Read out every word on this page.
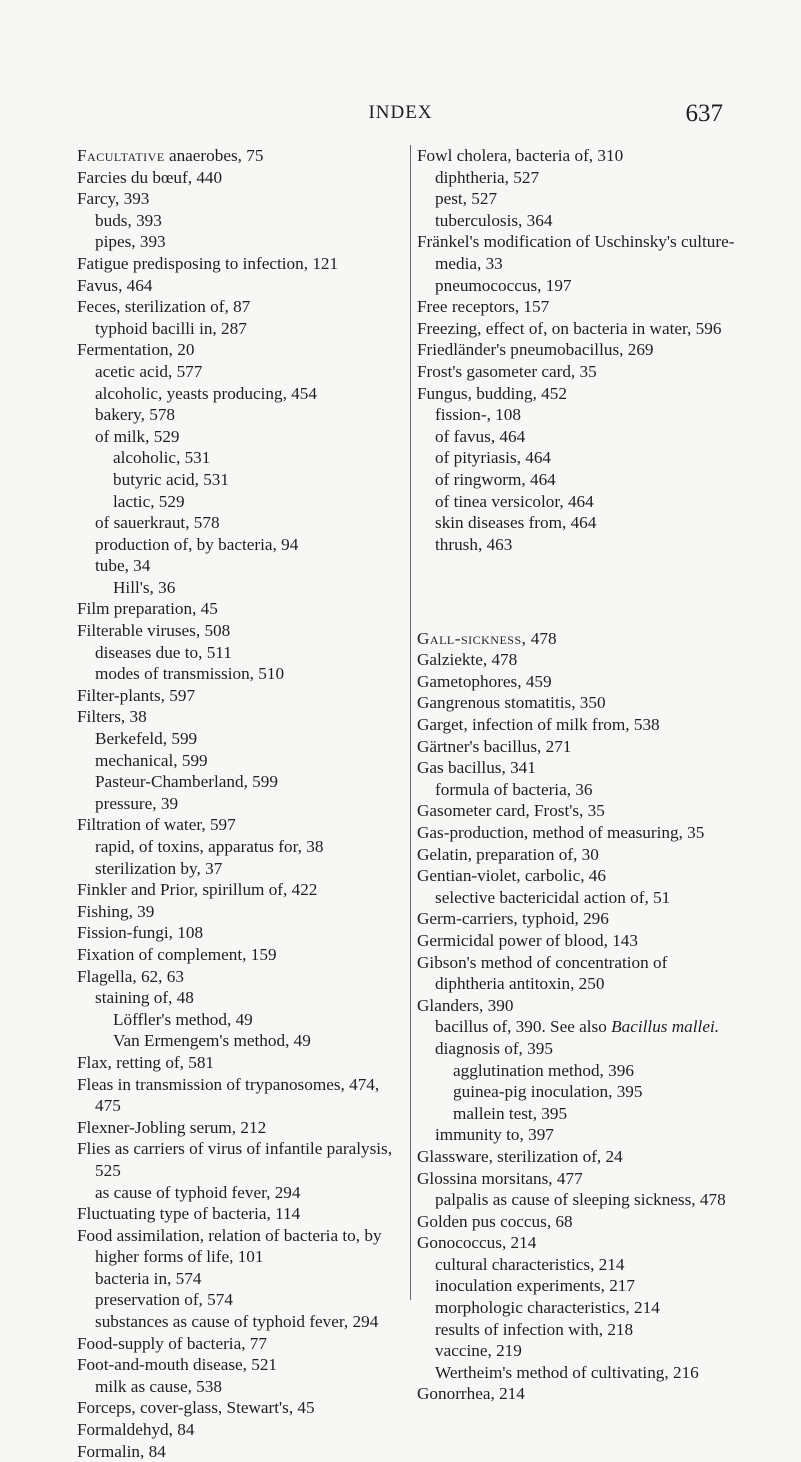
INDEX	637

Facultative anaerobes, 75

Farcies du bœuf, 440

Farcy, 393

buds, 393

pipes, 393

Fatigue predisposing to infection, 121

Favus, 464

Feces, sterilization of, 87

typhoid bacilli in, 287

Fermentation, 20

acetic acid, 577

alcoholic, yeasts producing, 454

bakery, 578

of milk, 529

alcoholic, 531

butyric acid, 531

lactic, 529

of sauerkraut, 578

production of, by bacteria, 94

tube, 34

Hill's, 36

Film preparation, 45

Filterable viruses, 508

diseases due to, 511

modes of transmission, 510

Filter-plants, 597

Filters, 38

Berkefeld, 599

mechanical, 599

Pasteur-Chamberland, 599

pressure, 39

Filtration of water, 597

rapid, of toxins, apparatus for, 38

sterilization by, 37

Finkler and Prior, spirillum of, 422

Fishing, 39

Fission-fungi, 108

Fixation of complement, 159

Flagella, 62, 63

staining of, 48

Löffler's method, 49

Van Ermengem's method, 49

Flax, retting of, 581

Fleas in transmission of trypanosomes, 474, 475

Flexner-Jobling serum, 212

Flies as carriers of virus of infantile paralysis, 525

as cause of typhoid fever, 294

Fluctuating type of bacteria, 114

Food assimilation, relation of bacteria to, by higher forms of life, 101

bacteria in, 574

preservation of, 574

substances as cause of typhoid fever, 294

Food-supply of bacteria, 77

Foot-and-mouth disease, 521

milk as cause, 538

Forceps, cover-glass, Stewart's, 45

Formaldehyd, 84

Formalin, 84

Fowl cholera, bacteria of, 310

diphtheria, 527

pest, 527

tuberculosis, 364

Fränkel's modification of Uschinsky's culture-media, 33

pneumococcus, 197

Free receptors, 157

Freezing, effect of, on bacteria in water, 596

Friedländer's pneumobacillus, 269

Frost's gasometer card, 35

Fungus, budding, 452

fission-, 108

of favus, 464

of pityriasis, 464

of ringworm, 464

of tinea versicolor, 464

skin diseases from, 464

thrush, 463

Gall-sickness, 478

Galziekte, 478

Gametophores, 459

Gangrenous stomatitis, 350

Garget, infection of milk from, 538

Gärtner's bacillus, 271

Gas bacillus, 341

formula of bacteria, 36

Gasometer card, Frost's, 35

Gas-production, method of measuring, 35

Gelatin, preparation of, 30

Gentian-violet, carbolic, 46

selective bactericidal action of, 51

Germ-carriers, typhoid, 296

Germicidal power of blood, 143

Gibson's method of concentration of diphtheria antitoxin, 250

Glanders, 390

bacillus of, 390. See also Bacillus mallei.

diagnosis of, 395

agglutination method, 396

guinea-pig inoculation, 395

mallein test, 395

immunity to, 397

Glassware, sterilization of, 24

Glossina morsitans, 477

palpalis as cause of sleeping sickness, 478

Golden pus coccus, 68

Gonococcus, 214

cultural characteristics, 214

inoculation experiments, 217

morphologic characteristics, 214

results of infection with, 218

vaccine, 219

Wertheim's method of cultivating, 216

Gonorrhea, 214
